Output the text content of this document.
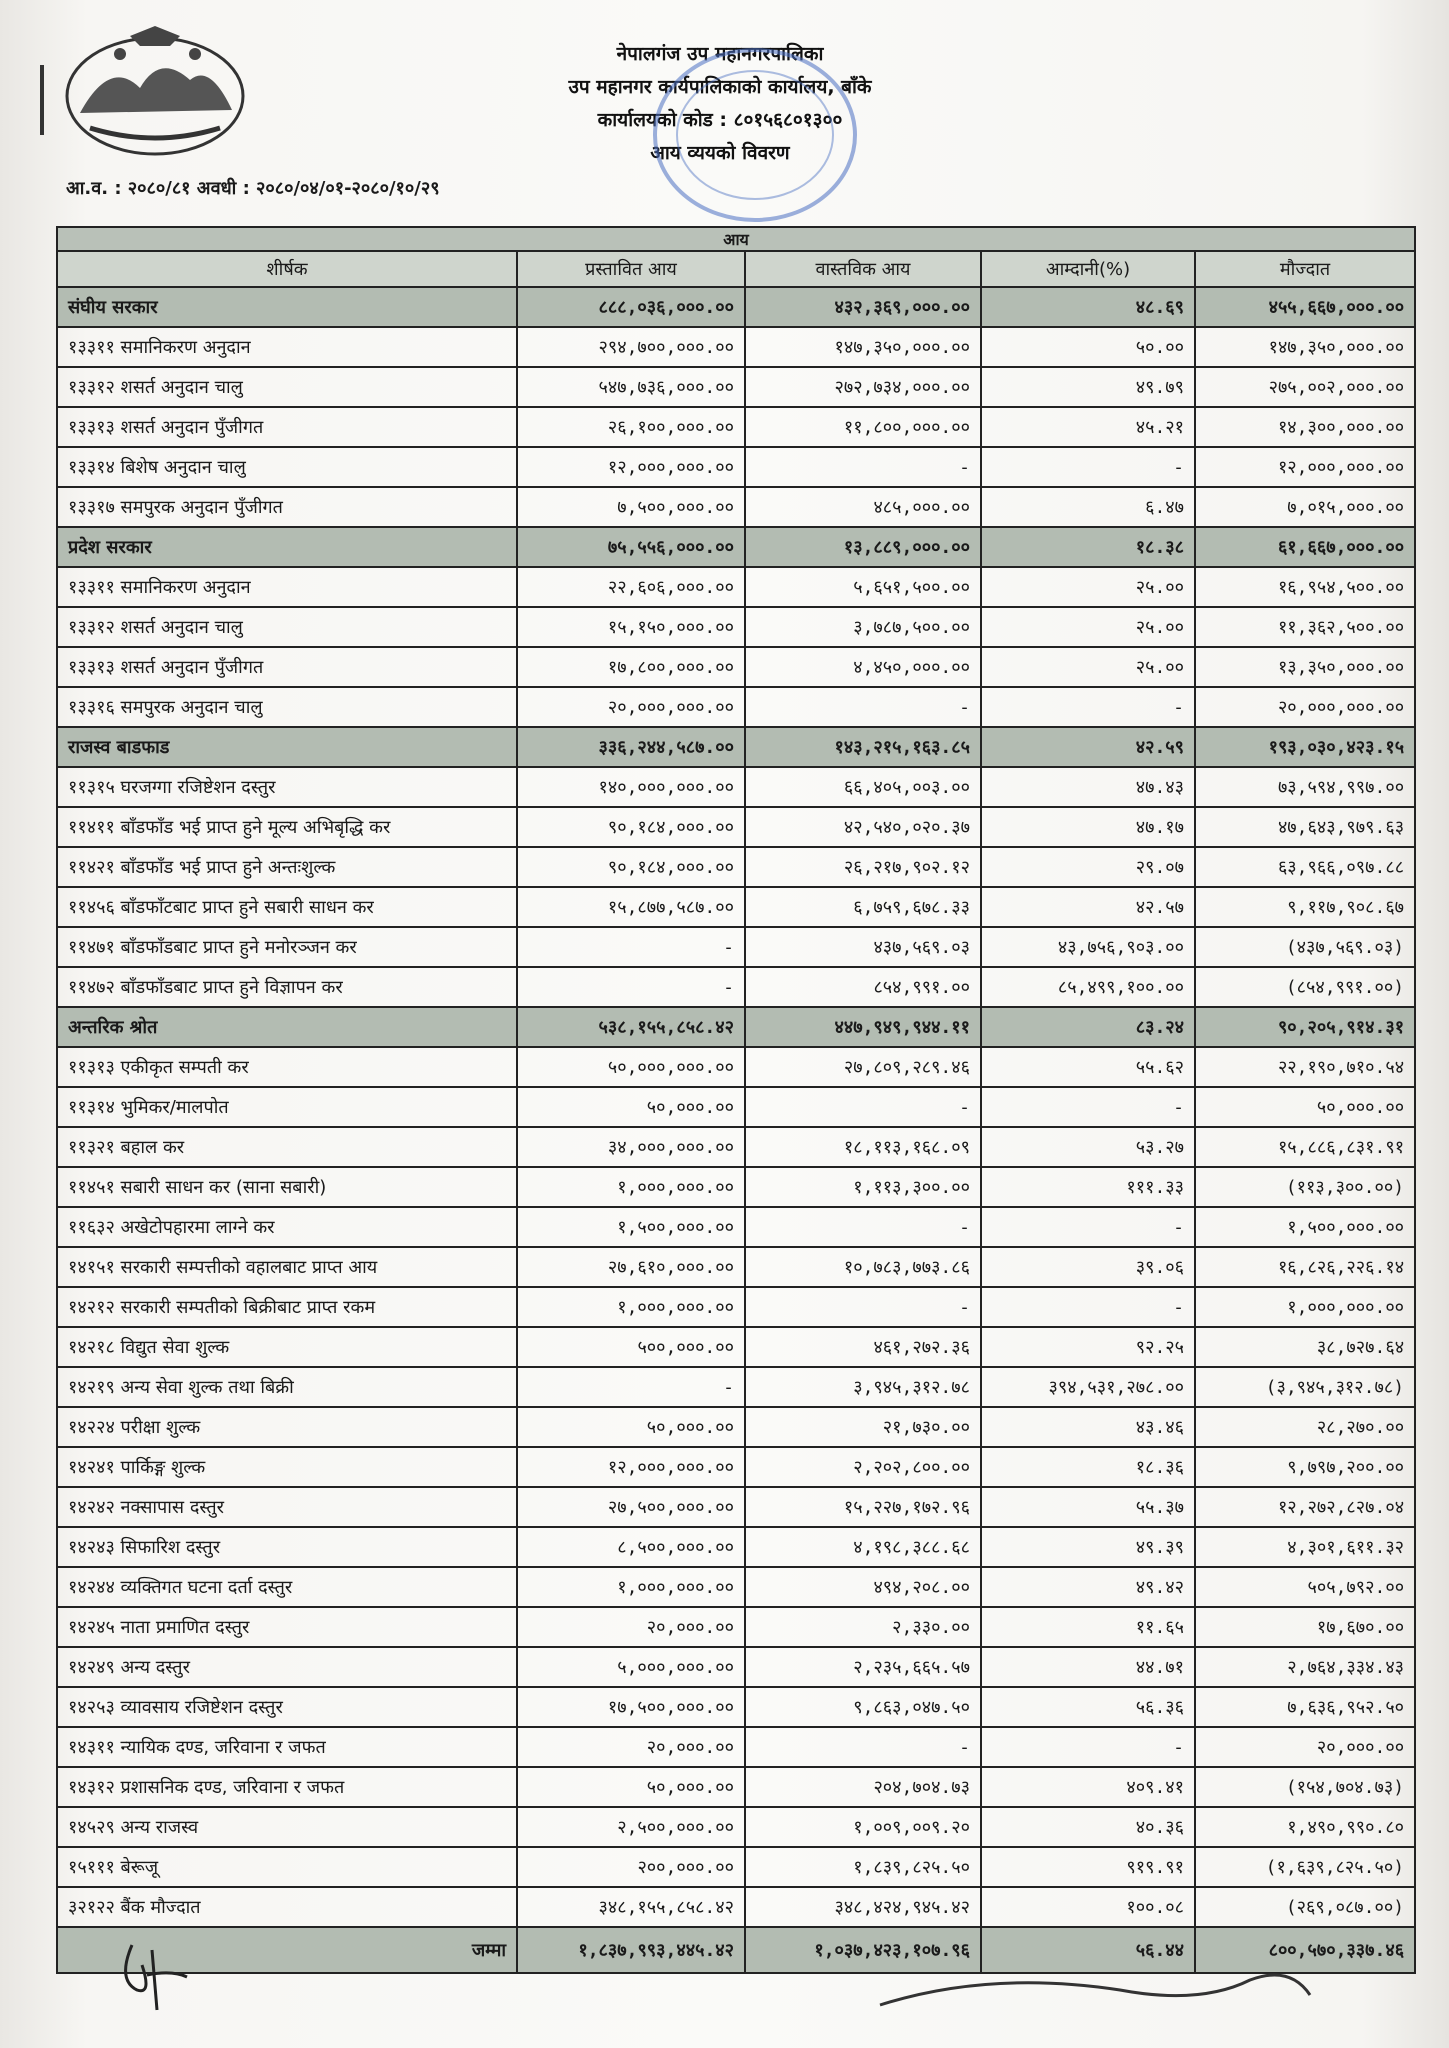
नेपालगंज उप महानगरपालिका
उप महानगर कार्यपालिकाको कार्यालय, बाँके
कार्यालयको कोड : ८०१५६८०१३००
आय व्ययको विवरण
आ.व. : २०८०/८१ अवधी : २०८०/०४/०१-२०८०/१०/२९
आय				
शीर्षक	प्रस्तावित आय	वास्तविक आय	आम्दानी(%)	मौज्दात
संघीय सरकार	८८८,०३६,०००.००	४३२,३६९,०००.००	४८.६९	४५५,६६७,०००.००
१३३११ समानिकरण अनुदान	२९४,७००,०००.००	१४७,३५०,०००.००	५०.००	१४७,३५०,०००.००
१३३१२ शसर्त अनुदान चालु	५४७,७३६,०००.००	२७२,७३४,०००.००	४९.७९	२७५,००२,०००.००
१३३१३ शसर्त अनुदान पुँजीगत	२६,१००,०००.००	११,८००,०००.००	४५.२१	१४,३००,०००.००
१३३१४ बिशेष अनुदान चालु	१२,०००,०००.००	-	-	१२,०००,०००.००
१३३१७ समपुरक अनुदान पुँजीगत	७,५००,०००.००	४८५,०००.००	६.४७	७,०१५,०००.००
प्रदेश सरकार	७५,५५६,०००.००	१३,८८९,०००.००	१८.३८	६१,६६७,०००.००
१३३११ समानिकरण अनुदान	२२,६०६,०००.००	५,६५१,५००.००	२५.००	१६,९५४,५००.००
१३३१२ शसर्त अनुदान चालु	१५,१५०,०००.००	३,७८७,५००.००	२५.००	११,३६२,५००.००
१३३१३ शसर्त अनुदान पुँजीगत	१७,८००,०००.००	४,४५०,०००.००	२५.००	१३,३५०,०००.००
१३३१६ समपुरक अनुदान चालु	२०,०००,०००.००	-	-	२०,०००,०००.००
राजस्व बाडफाड	३३६,२४४,५८७.००	१४३,२१५,१६३.८५	४२.५९	१९३,०३०,४२३.१५
११३१५ घरजग्गा रजिष्टेशन दस्तुर	१४०,०००,०००.००	६६,४०५,००३.००	४७.४३	७३,५९४,९९७.००
११४११ बाँडफाँड भई प्राप्त हुने मूल्य अभिबृद्धि कर	९०,१८४,०००.००	४२,५४०,०२०.३७	४७.१७	४७,६४३,९७९.६३
११४२१ बाँडफाँड भई प्राप्त हुने अन्तःशुल्क	९०,१८४,०००.००	२६,२१७,९०२.१२	२९.०७	६३,९६६,०९७.८८
११४५६ बाँडफाँटबाट प्राप्त हुने सबारी साधन कर	१५,८७७,५८७.००	६,७५९,६७८.३३	४२.५७	९,११७,९०८.६७
११४७१ बाँडफाँडबाट प्राप्त हुने मनोरञ्जन कर	-	४३७,५६९.०३	४३,७५६,९०३.००	(४३७,५६९.०३)
११४७२ बाँडफाँडबाट प्राप्त हुने विज्ञापन कर	-	८५४,९९१.००	८५,४९९,१००.००	(८५४,९९१.००)
अन्तरिक श्रोत	५३८,१५५,८५८.४२	४४७,९४९,९४४.११	८३.२४	९०,२०५,९१४.३१
११३१३ एकीकृत सम्पती कर	५०,०००,०००.००	२७,८०९,२८९.४६	५५.६२	२२,१९०,७१०.५४
११३१४ भुमिकर/मालपोत	५०,०००.००	-	-	५०,०००.००
११३२१ बहाल कर	३४,०००,०००.००	१८,११३,१६८.०९	५३.२७	१५,८८६,८३१.९१
११४५१ सबारी साधन कर (साना सबारी)	१,०००,०००.००	१,११३,३००.००	१११.३३	(११३,३००.००)
११६३२ अखेटोपहारमा लाग्ने कर	१,५००,०००.००	-	-	१,५००,०००.००
१४१५१ सरकारी सम्पत्तीको वहालबाट प्राप्त आय	२७,६१०,०००.००	१०,७८३,७७३.८६	३९.०६	१६,८२६,२२६.१४
१४२१२ सरकारी सम्पतीको बिक्रीबाट प्राप्त रकम	१,०००,०००.००	-	-	१,०००,०००.००
१४२१८ विद्युत सेवा शुल्क	५००,०००.००	४६१,२७२.३६	९२.२५	३८,७२७.६४
१४२१९ अन्य सेवा शुल्क तथा बिक्री	-	३,९४५,३१२.७८	३९४,५३१,२७८.००	(३,९४५,३१२.७८)
१४२२४ परीक्षा शुल्क	५०,०००.००	२१,७३०.००	४३.४६	२८,२७०.००
१४२४१ पार्किङ्ग शुल्क	१२,०००,०००.००	२,२०२,८००.००	१८.३६	९,७९७,२००.००
१४२४२ नक्सापास दस्तुर	२७,५००,०००.००	१५,२२७,१७२.९६	५५.३७	१२,२७२,८२७.०४
१४२४३ सिफारिश दस्तुर	८,५००,०००.००	४,१९८,३८८.६८	४९.३९	४,३०१,६११.३२
१४२४४ व्यक्तिगत घटना दर्ता दस्तुर	१,०००,०००.००	४९४,२०८.००	४९.४२	५०५,७९२.००
१४२४५ नाता प्रमाणित दस्तुर	२०,०००.००	२,३३०.००	११.६५	१७,६७०.००
१४२४९ अन्य दस्तुर	५,०००,०००.००	२,२३५,६६५.५७	४४.७१	२,७६४,३३४.४३
१४२५३ व्यावसाय रजिष्टेशन दस्तुर	१७,५००,०००.००	९,८६३,०४७.५०	५६.३६	७,६३६,९५२.५०
१४३११ न्यायिक दण्ड, जरिवाना र जफत	२०,०००.००	-	-	२०,०००.००
१४३१२ प्रशासनिक दण्ड, जरिवाना र जफत	५०,०००.००	२०४,७०४.७३	४०९.४१	(१५४,७०४.७३)
१४५२९ अन्य राजस्व	२,५००,०००.००	१,००९,००९.२०	४०.३६	१,४९०,९९०.८०
१५१११ बेरूजू	२००,०००.००	१,८३९,८२५.५०	९१९.९१	(१,६३९,८२५.५०)
३२१२२ बैंक मौज्दात	३४८,१५५,८५८.४२	३४८,४२४,९४५.४२	१००.०८	(२६९,०८७.००)
जम्मा	१,८३७,९९३,४४५.४२	१,०३७,४२३,१०७.९६	५६.४४	८००,५७०,३३७.४६
